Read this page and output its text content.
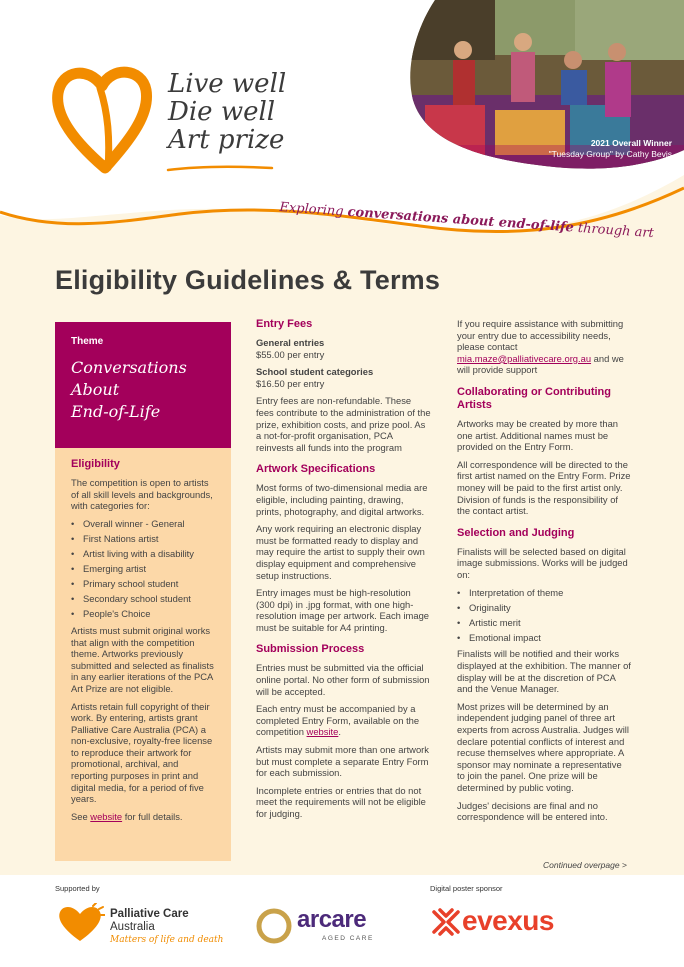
2021 Overall Winner
"Tuesday Group" by Cathy Bevis
Live well
Die well
Art prize
Exploring conversations about end-of-life through art
Eligibility Guidelines & Terms
Theme
Conversations
About
End-of-Life
Eligibility

The competition is open to artists of all skill levels and backgrounds, with categories for:

• Overall winner - General
• First Nations artist
• Artist living with a disability
• Emerging artist
• Primary school student
• Secondary school student
• People's Choice

Artists must submit original works that align with the competition theme. Artworks previously submitted and selected as finalists in any earlier iterations of the PCA Art Prize are not eligible.

Artists retain full copyright of their work. By entering, artists grant Palliative Care Australia (PCA) a non-exclusive, royalty-free license to reproduce their artwork for promotional, archival, and reporting purposes in print and digital media, for a period of five years.

See website for full details.

Entry Fees

General entries

$55.00 per entry

School student categories

$16.50 per entry

Entry fees are non-refundable. These fees contribute to the administration of the prize, exhibition costs, and prize pool. As a not-for-profit organisation, PCA reinvests all funds into the program

Artwork Specifications

Most forms of two-dimensional media are eligible, including painting, drawing, prints, photography, and digital artworks.

Any work requiring an electronic display must be formatted ready to display and may require the artist to supply their own display equipment and comprehensive setup instructions.

Entry images must be high-resolution (300 dpi) in .jpg format, with one high-resolution image per artwork. Each image must be suitable for A4 printing.

Submission Process

Entries must be submitted via the official online portal. No other form of submission will be accepted.

Each entry must be accompanied by a completed Entry Form, available on the competition website.

Artists may submit more than one artwork but must complete a separate Entry Form for each submission.

Incomplete entries or entries that do not meet the requirements will not be eligible for judging.

If you require assistance with submitting your entry due to accessibility needs, please contact mia.maze@palliativecare.org.au and we will provide support

Collaborating or Contributing Artists

Artworks may be created by more than one artist. Additional names must be provided on the Entry Form.

All correspondence will be directed to the first artist named on the Entry Form. Prize money will be paid to the first artist only. Division of funds is the responsibility of the contact artist.

Selection and Judging

Finalists will be selected based on digital image submissions. Works will be judged on:

• Interpretation of theme
• Originality
• Artistic merit
• Emotional impact

Finalists will be notified and their works displayed at the exhibition. The manner of display will be at the discretion of PCA and the Venue Manager.

Most prizes will be determined by an independent judging panel of three art experts from across Australia. Judges will declare potential conflicts of interest and recuse themselves where appropriate. A sponsor may nominate a representative to join the panel. One prize will be determined by public voting.

Judges' decisions are final and no correspondence will be entered into.

Continued overpage >
Supported by
Palliative Care
Australia
Matters of life and death
arcare
AGED CARE
Digital poster sponsor
evexus
